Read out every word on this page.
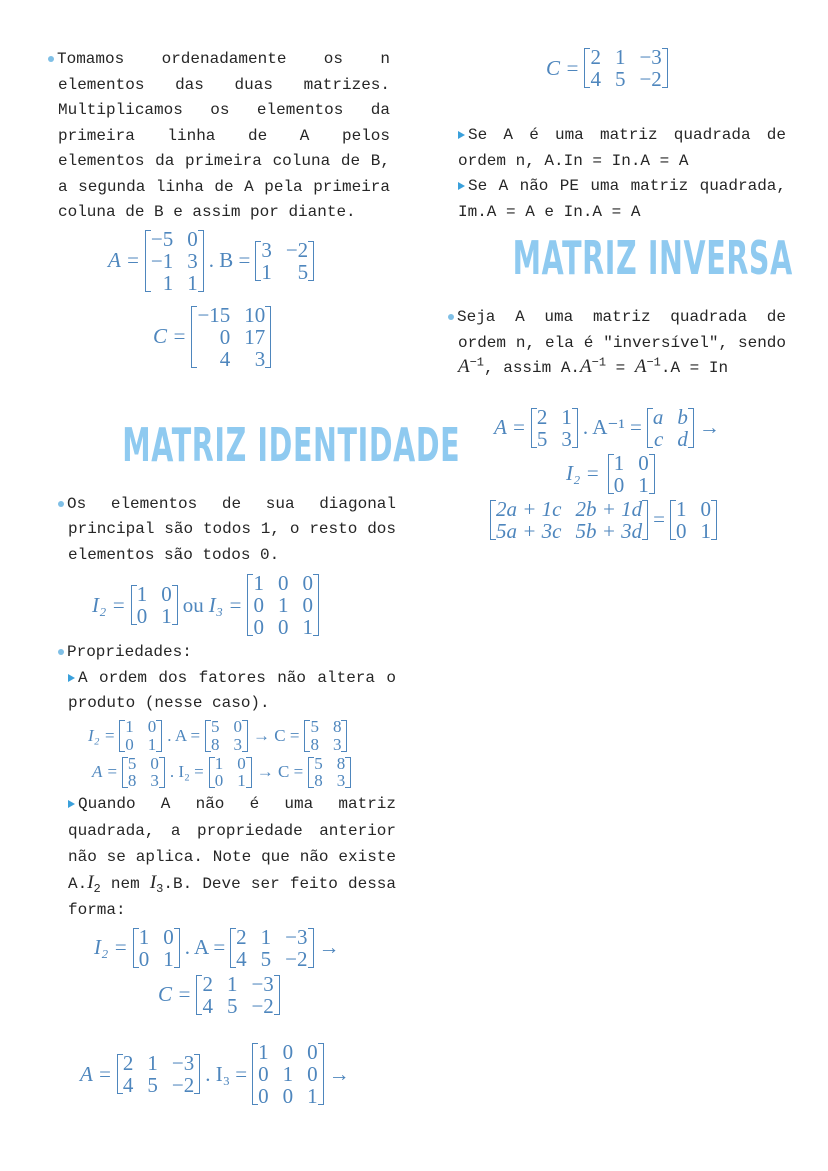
Tomamos ordenadamente os n elementos das duas matrizes. Multiplicamos os elementos da primeira linha de A pelos elementos da primeira coluna de B, a segunda linha de A pela primeira coluna de B e assim por diante.
A =
−5 0
−1 3
1 1
. B = 3 −2
1	5
C =
−15 10
0 17
4	3
MATRIZ IDENTIDADE
Os elementos de sua diagonal principal são todos 1, o resto dos elementos são todos 0.
I₂ = 1 0
0 1 ou I₃ =
1 0 0
0 1 0
0 0 1
Propriedades:
A ordem dos fatores não altera o produto (nesse caso).
I₂ = 1 0
0 1 . A = 5 0
8 3 → C = 5 8
8 3
A = 5 0
8 3 . I₂ = 1 0
0 1 → C = 5 8
8 3
Quando A não é uma matriz quadrada, a propriedade anterior não se aplica. Note que não existe $A.I_2$ nem $I_3.B$. Deve ser feito dessa forma:
I₂ = 1 0
0 1 . A = 2 1 −3
4 5 −2 →
C = 2 1 −3
4 5 −2
A = 2 1 −3
4 5 −2 . I₃ =
1 0 0
0 1 0
0 0 1
→
C = 2 1 −3
4 5 −2
Se A é uma matriz quadrada de ordem n, A.In = In.A = A
Se A não PE uma matriz quadrada, Im.A = A e In.A = A
MATRIZ INVERSA
Seja A uma matriz quadrada de ordem n, ela é "inversível", sendo $A^{-1}$, assim $A.A^{-1} = A^{-1}.A = In$
A = 2 1
5 3 . A⁻¹ = a b
c d →
I₂ = 1 0
0 1
2a + 1c 2b + 1d
5a + 3c 5b + 3d = 1 0
0 1
